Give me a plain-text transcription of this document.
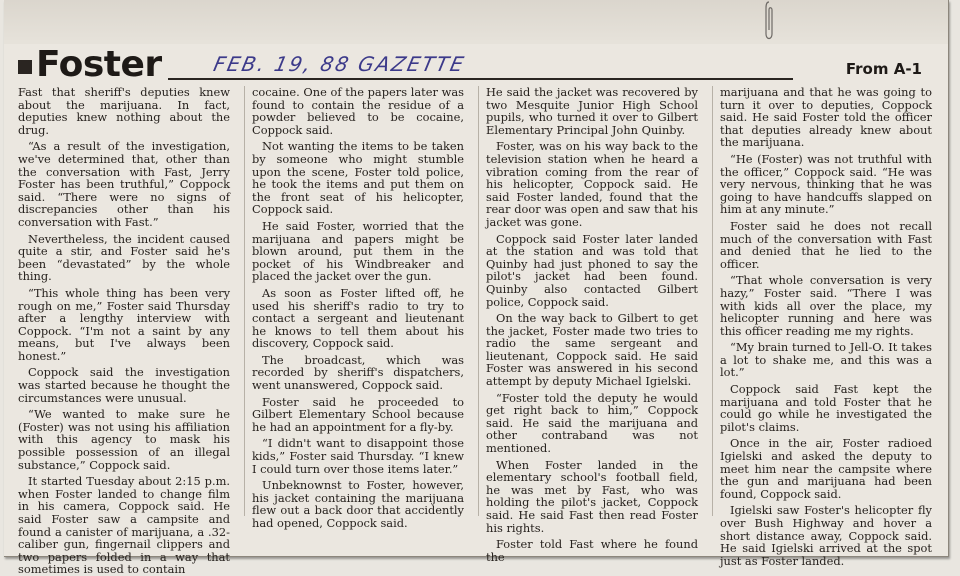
Foster FEB. 19, 88 GAZETTE	From A-1

Fast that sheriff's deputies knew about the marijuana. In fact, deputies knew nothing about the drug.

“As a result of the investigation, we've determined that, other than the conversation with Fast, Jerry Foster has been truthful,” Coppock said. “There were no signs of discrepancies other than his conversation with Fast.”

Nevertheless, the incident caused quite a stir, and Foster said he's been “devastated” by the whole thing.

“This whole thing has been very rough on me,” Foster said Thursday after a lengthy interview with Coppock. “I'm not a saint by any means, but I've always been honest.”

Coppock said the investigation was started because he thought the circumstances were unusual.

“We wanted to make sure he (Foster) was not using his affiliation with this agency to mask his possible possession of an illegal substance,” Coppock said.

It started Tuesday about 2:15 p.m. when Foster landed to change film in his camera, Coppock said. He said Foster saw a campsite and found a canister of marijuana, a .32-caliber gun, fingernail clippers and two papers folded in a way that sometimes is used to contain

cocaine. One of the papers later was found to contain the residue of a powder believed to be cocaine, Coppock said.

Not wanting the items to be taken by someone who might stumble upon the scene, Foster told police, he took the items and put them on the front seat of his helicopter, Coppock said.

He said Foster, worried that the marijuana and papers might be blown around, put them in the pocket of his Windbreaker and placed the jacket over the gun.

As soon as Foster lifted off, he used his sheriff's radio to try to contact a sergeant and lieutenant he knows to tell them about his discovery, Coppock said.

The broadcast, which was recorded by sheriff's dispatchers, went unanswered, Coppock said.

Foster said he proceeded to Gilbert Elementary School because he had an appointment for a fly-by.

“I didn't want to disappoint those kids,” Foster said Thursday. “I knew I could turn over those items later.”

Unbeknownst to Foster, however, his jacket containing the marijuana flew out a back door that accidently had opened, Coppock said.

He said the jacket was recovered by two Mesquite Junior High School pupils, who turned it over to Gilbert Elementary Principal John Quinby.

Foster, was on his way back to the television station when he heard a vibration coming from the rear of his helicopter, Coppock said. He said Foster landed, found that the rear door was open and saw that his jacket was gone.

Coppock said Foster later landed at the station and was told that Quinby had just phoned to say the pilot's jacket had been found. Quinby also contacted Gilbert police, Coppock said.

On the way back to Gilbert to get the jacket, Foster made two tries to radio the same sergeant and lieutenant, Coppock said. He said Foster was answered in his second attempt by deputy Michael Igielski.

“Foster told the deputy he would get right back to him,” Coppock said. He said the marijuana and other contraband was not mentioned.

When Foster landed in the elementary school's football field, he was met by Fast, who was holding the pilot's jacket, Coppock said. He said Fast then read Foster his rights.

Foster told Fast where he found the

marijuana and that he was going to turn it over to deputies, Coppock said. He said Foster told the officer that deputies already knew about the marijuana.

“He (Foster) was not truthful with the officer,” Coppock said. “He was very nervous, thinking that he was going to have handcuffs slapped on him at any minute.”

Foster said he does not recall much of the conversation with Fast and denied that he lied to the officer.

“That whole conversation is very hazy,” Foster said. “There I was with kids all over the place, my helicopter running and here was this officer reading me my rights.

“My brain turned to Jell-O. It takes a lot to shake me, and this was a lot.”

Coppock said Fast kept the marijuana and told Foster that he could go while he investigated the pilot's claims.

Once in the air, Foster radioed Igielski and asked the deputy to meet him near the campsite where the gun and marijuana had been found, Coppock said.

Igielski saw Foster's helicopter fly over Bush Highway and hover a short distance away, Coppock said. He said Igielski arrived at the spot just as Foster landed.
